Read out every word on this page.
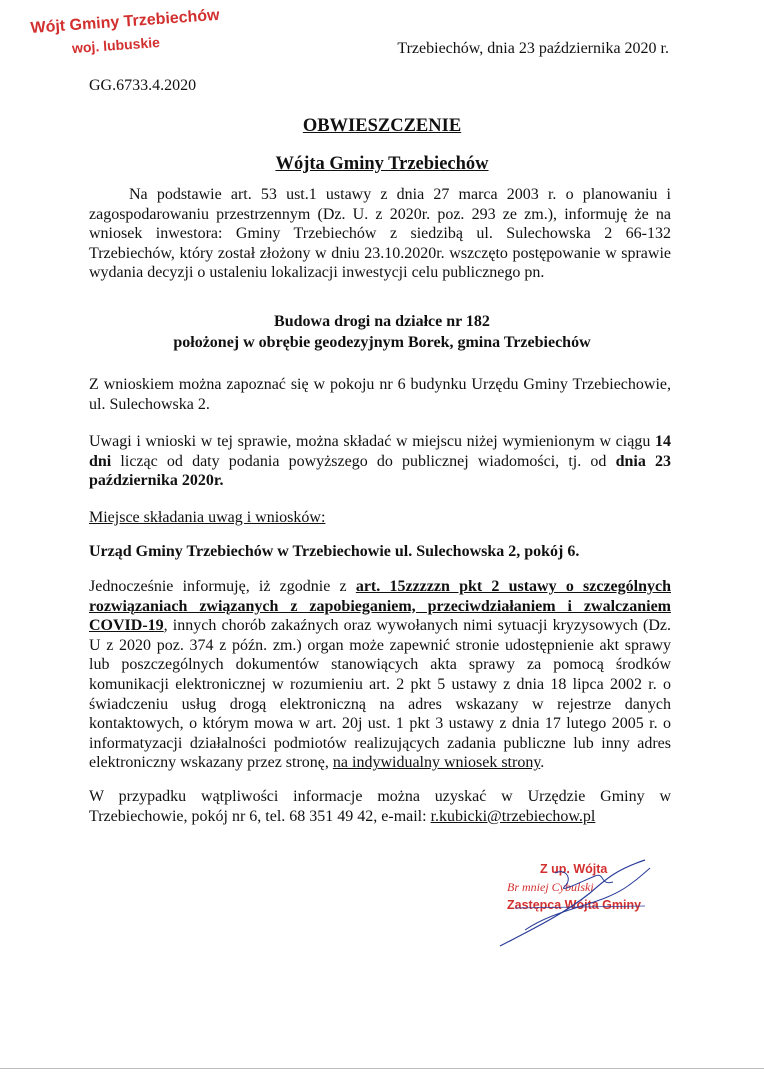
Wójt Gminy Trzebiechów
woj. lubuskie	Trzebiechów, dnia 23 października 2020 r.
GG.6733.4.2020
OBWIESZCZENIE
Wójta Gminy Trzebiechów
Na podstawie art. 53 ust.1 ustawy z dnia 27 marca 2003 r. o planowaniu i zagospodarowaniu przestrzennym (Dz. U. z 2020r. poz. 293 ze zm.), informuję że na wniosek inwestora: Gminy Trzebiechów z siedzibą ul. Sulechowska 2 66-132 Trzebiechów, który został złożony w dniu 23.10.2020r. wszczęto postępowanie w sprawie wydania decyzji o ustaleniu lokalizacji inwestycji celu publicznego pn.
Budowa drogi na działce nr 182
położonej w obrębie geodezyjnym Borek, gmina Trzebiechów
Z wnioskiem można zapoznać się w pokoju nr 6 budynku Urzędu Gminy Trzebiechowie, ul. Sulechowska 2.
Uwagi i wnioski w tej sprawie, można składać w miejscu niżej wymienionym w ciągu 14 dni licząc od daty podania powyższego do publicznej wiadomości, tj. od dnia 23 października 2020r.
Miejsce składania uwag i wniosków:
Urząd Gminy Trzebiechów w Trzebiechowie ul. Sulechowska 2, pokój 6.
Jednocześnie informuję, iż zgodnie z art. 15zzzzzn pkt 2 ustawy o szczególnych rozwiązaniach związanych z zapobieganiem, przeciwdziałaniem i zwalczaniem COVID-19, innych chorób zakaźnych oraz wywołanych nimi sytuacji kryzysowych (Dz. U z 2020 poz. 374 z późn. zm.) organ może zapewnić stronie udostępnienie akt sprawy lub poszczególnych dokumentów stanowiących akta sprawy za pomocą środków komunikacji elektronicznej w rozumieniu art. 2 pkt 5 ustawy z dnia 18 lipca 2002 r. o świadczeniu usług drogą elektroniczną na adres wskazany w rejestrze danych kontaktowych, o którym mowa w art. 20j ust. 1 pkt 3 ustawy z dnia 17 lutego 2005 r. o informatyzacji działalności podmiotów realizujących zadania publiczne lub inny adres elektroniczny wskazany przez stronę, na indywidualny wniosek strony.
W przypadku wątpliwości informacje można uzyskać w Urzędzie Gminy w Trzebiechowie, pokój nr 6, tel. 68 351 49 42, e-mail: r.kubicki@trzebiechow.pl
Z up. Wójta
Br mniej Cybulski
Zastępca Wójta Gminy
